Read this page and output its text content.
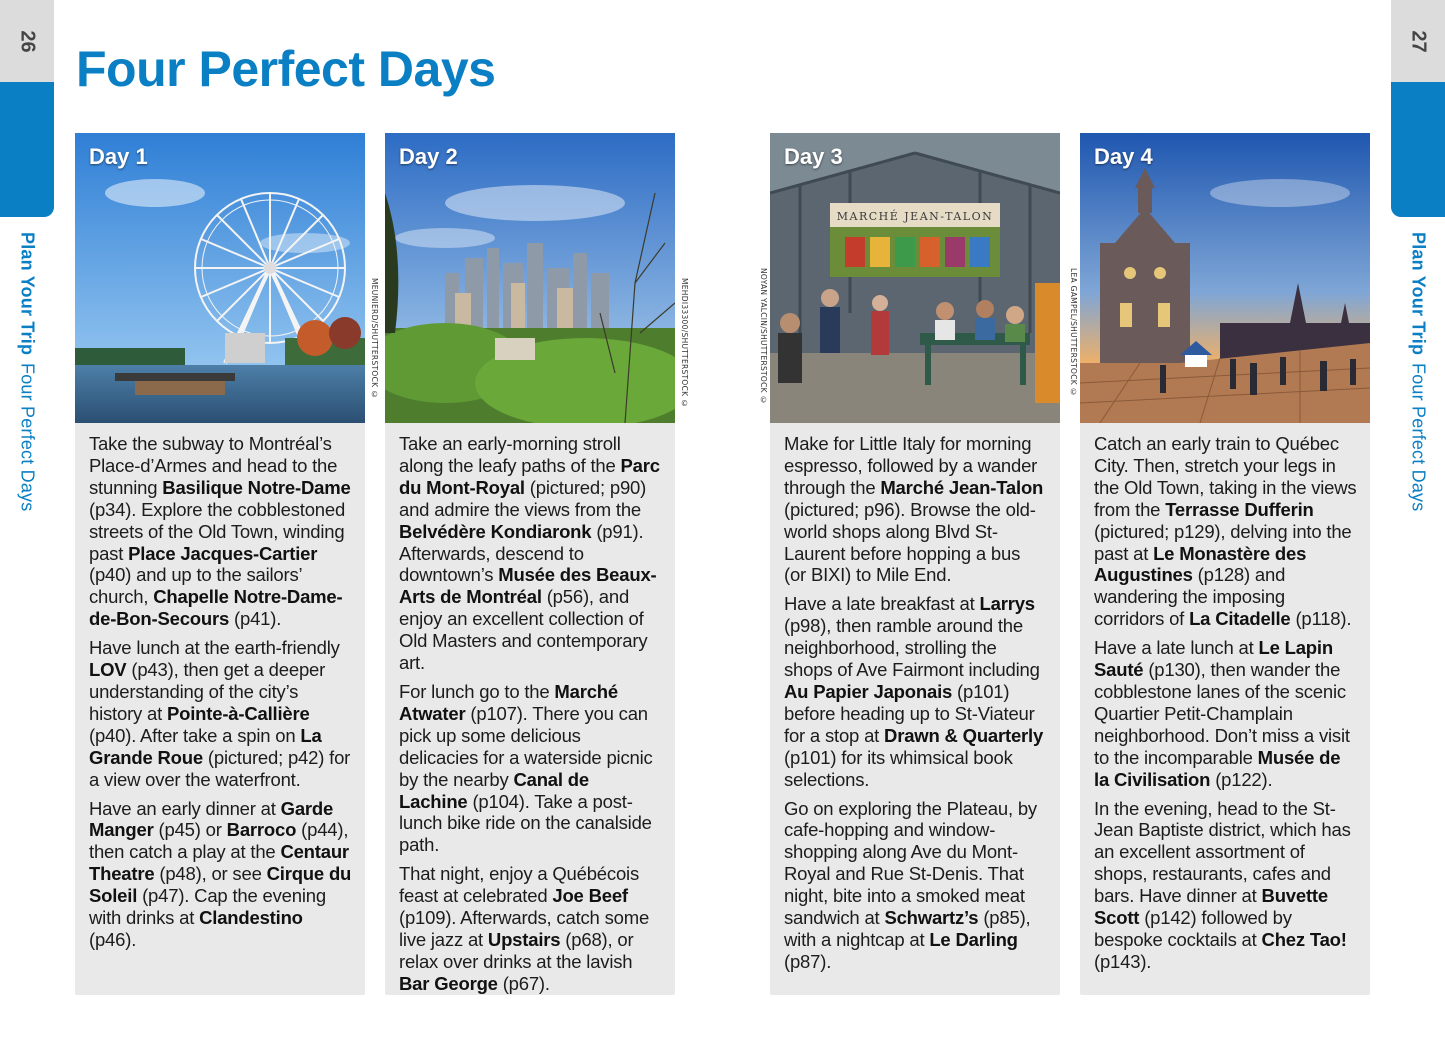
26
Plan Your Trip
Four Perfect Days
27
Plan Your Trip
Four Perfect Days
Four Perfect Days
Day 1
MEUNIERD/SHUTTERSTOCK ©

Take the subway to Montréal’s Place-d’Armes and head to the stunning Basilique Notre-Dame (p34). Explore the cobblestoned streets of the Old Town, winding past Place Jacques-Cartier (p40) and up to the sailors’ church, Chapelle Notre-Dame-de-Bon-Secours (p41).

Have lunch at the earth-friendly LOV (p43), then get a deeper understanding of the city’s history at Pointe-à-Callière (p40). After take a spin on La Grande Roue (pictured; p42) for a view over the waterfront.

Have an early dinner at Garde Manger (p45) or Barroco (p44), then catch a play at the Centaur Theatre (p48), or see Cirque du Soleil (p47). Cap the evening with drinks at Clandestino (p46).

Day 2
MEHDI33300/SHUTTERSTOCK ©

Take an early-morning stroll along the leafy paths of the Parc du Mont-Royal (pictured; p90) and admire the views from the Belvédère Kondiaronk (p91). Afterwards, descend to downtown’s Musée des Beaux-Arts de Montréal (p56), and enjoy an excellent collection of Old Masters and contemporary art.

For lunch go to the Marché Atwater (p107). There you can pick up some delicious delicacies for a waterside picnic by the nearby Canal de Lachine (p104). Take a post-lunch bike ride on the canalside path.

That night, enjoy a Québécois feast at celebrated Joe Beef (p109). Afterwards, catch some live jazz at Upstairs (p68), or relax over drinks at the lavish Bar George (p67).

MARCHÉ JEAN-TALON
Day 3
NOYAN YALCIN/SHUTTERSTOCK ©

Make for Little Italy for morning espresso, followed by a wander through the Marché Jean-Talon (pictured; p96). Browse the old-world shops along Blvd St-Laurent before hopping a bus (or BIXI) to Mile End.

Have a late breakfast at Larrys (p98), then ramble around the neighborhood, strolling the shops of Ave Fairmont including Au Papier Japonais (p101) before heading up to St-Viateur for a stop at Drawn & Quarterly (p101) for its whimsical book selections.

Go on exploring the Plateau, by cafe-hopping and window-shopping along Ave du Mont-Royal and Rue St-Denis. That night, bite into a smoked meat sandwich at Schwartz’s (p85), with a nightcap at Le Darling (p87).

Day 4
LEA GAMPEL/SHUTTERSTOCK ©

Catch an early train to Québec City. Then, stretch your legs in the Old Town, taking in the views from the Terrasse Dufferin (pictured; p129), delving into the past at Le Monastère des Augustines (p128) and wandering the imposing corridors of La Citadelle (p118).

Have a late lunch at Le Lapin Sauté (p130), then wander the cobblestone lanes of the scenic Quartier Petit-Champlain neighborhood. Don’t miss a visit to the incomparable Musée de la Civilisation (p122).

In the evening, head to the St-Jean Baptiste district, which has an excellent assortment of shops, restaurants, cafes and bars. Have dinner at Buvette Scott (p142) followed by bespoke cocktails at Chez Tao! (p143).
